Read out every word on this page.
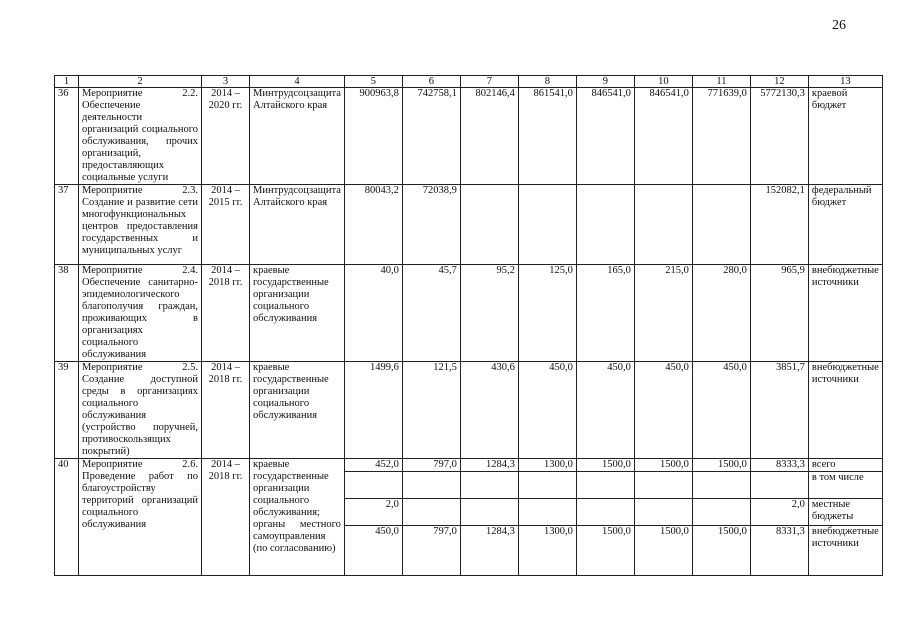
26
1	2	3	4	5	6	7	8	9	10	11	12	13
36	Мероприятие 2.2. Обеспечение деятельности организаций социального обслуживания, прочих организаций, предоставляющих социальные услуги	2014 – 2020 гг.	Минтрудсоцзащита Алтайского края	900963,8	742758,1	802146,4	861541,0	846541,0	846541,0	771639,0	5772130,3	краевой бюджет
37	Мероприятие 2.3. Создание и развитие сети многофункциональных центров предоставления государственных и муниципальных услуг	2014 – 2015 гг.	Минтрудсоцзащита Алтайского края	80043,2	72038,9						152082,1	федеральный бюджет
38	Мероприятие 2.4. Обеспечение санитарно-эпидемиологического благополучия граждан, проживающих в организациях социального обслуживания	2014 – 2018 гг.	краевые государственные организации социального обслуживания	40,0	45,7	95,2	125,0	165,0	215,0	280,0	965,9	внебюджетные источники
39	Мероприятие 2.5. Создание доступной среды в организациях социального обслуживания (устройство поручней, противоскользящих покрытий)	2014 – 2018 гг.	краевые государственные организации социального обслуживания	1499,6	121,5	430,6	450,0	450,0	450,0	450,0	3851,7	внебюджетные источники
40	Мероприятие 2.6. Проведение работ по благоустройству территорий организаций социального обслуживания	2014 – 2018 гг.	краевые государственные организации социального обслуживания; органы местного самоуправления (по согласованию)	452,0	797,0	1284,3	1300,0	1500,0	1500,0	1500,0	8333,3	всего
												в том числе
				2,0							2,0	местные бюджеты
				450,0	797,0	1284,3	1300,0	1500,0	1500,0	1500,0	8331,3	внебюджетные источники
